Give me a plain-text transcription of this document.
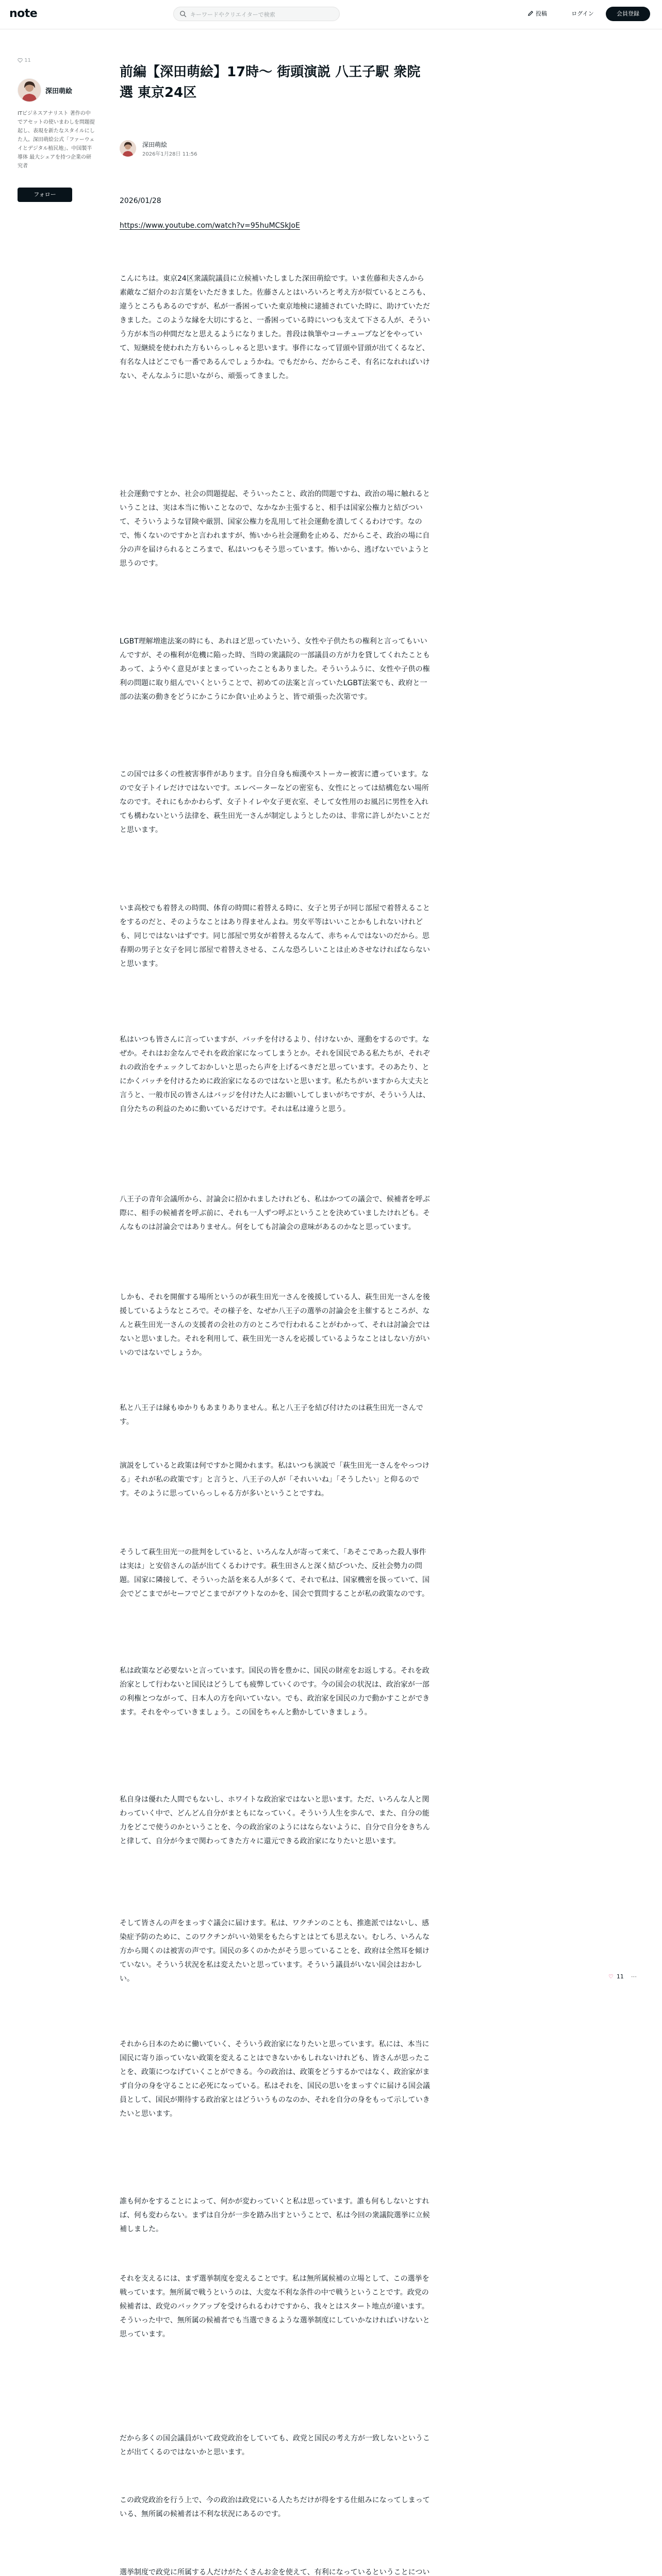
note
キーワードやクリエイターで検索	投稿	ログイン	会員登録
11
深田萌絵
ITビジネスアナリスト 著作の中でアセットの使いまわしを問題提起し、表現を新たなスタイルにした人。深田萌絵公式「ファーウェイとデジタル植民地」、中国製半導体 最大シェアを持つ企業の研究者
フォロー
前編【深田萌絵】17時～ 街頭演説 八王子駅 衆院選 東京24区
深田萌絵
2026年1月28日 11:56
2026/01/28
https://www.youtube.com/watch?v=95huMCSkJoE

こんにちは。東京24区衆議院議員に立候補いたしました深田萌絵です。いま佐藤和夫さんから素敵なご紹介のお言葉をいただきました。佐藤さんとはいろいろと考え方が似ているところも、違うところもあるのですが、私が一番困っていた東京地検に逮捕されていた時に、助けていただきました。このような縁を大切にすると、一番困っている時にいつも支えて下さる人が、そういう方が本当の仲間だなと思えるようになりました。普段は執筆やコーチュープなどをやっていて、短継続を使われた方もいらっしゃると思います。事件になって冒頭や冒頭が出てくるなど、有名な人はどこでも一番であるんでしょうかね。でもだから、だからこそ、有名になれればいけない、そんなふうに思いながら、頑張ってきました。

社会運動ですとか、社会の問題提起、そういったこと、政治的問題ですね、政治の場に触れるということは、実は本当に怖いことなので、なかなか主張すると、相手は国家公権力と結びついて、そういうような冒険や厳罰、国家公権力を乱用して社会運動を潰してくるわけです。なので、怖くないのですかと言われますが、怖いから社会運動を止める、だからこそ、政治の場に自分の声を届けられるところまで、私はいつもそう思っています。怖いから、逃げないでいようと思うのです。

LGBT理解増進法案の時にも、あれほど思っていたいう、女性や子供たちの権利と言ってもいいんですが、その権利が危機に陥った時、当時の衆議院の一部議員の方が力を貸してくれたこともあって、ようやく意見がまとまっていったこともありました。そういうふうに、女性や子供の権利の問題に取り組んでいくということで、初めての法案と言っていたLGBT法案でも、政府と一部の法案の動きをどうにかこうにか食い止めようと、皆で頑張った次第です。

この国では多くの性被害事件があります。自分自身も痴漢やストーカー被害に遭っています。なので女子トイレだけではないです。エレベーターなどの密室も、女性にとっては結構危ない場所なのです。それにもかかわらず、女子トイレや女子更衣室、そして女性用のお風呂に男性を入れても構わないという法律を、萩生田光一さんが制定しようとしたのは、非常に許しがたいことだと思います。

いま高校でも着替えの時間、体育の時間に着替える時に、女子と男子が同じ部屋で着替えることをするのだと、そのようなことはあり得ませんよね。男女平等はいいことかもしれないけれども、同じではないはずです。同じ部屋で男女が着替えるなんて、赤ちゃんではないのだから。思春期の男子と女子を同じ部屋で着替えさせる、こんな恐ろしいことは止めさせなければならないと思います。

私はいつも皆さんに言っていますが、バッチを付けるより、付けないか、運動をするのです。なぜか。それはお金なんでそれを政治家になってしまうとか。それを国民である私たちが、それぞれの政治をチェックしておかしいと思ったら声を上げるべきだと思っています。そのあたり、とにかくバッチを付けるために政治家になるのではないと思います。私たちがいますから大丈夫と言うと、一般市民の皆さんはバッジを付けた人にお願いしてしまいがちですが、そういう人は、自分たちの利益のために動いているだけです。それは私は違うと思う。

八王子の青年会議所から、討論会に招かれましたけれども、私はかつての議会で、候補者を呼ぶ際に、相手の候補者を呼ぶ前に、それも一人ずつ呼ぶということを決めていましたけれども。そんなものは討論会ではありません。何をしても討論会の意味があるのかなと思っています。

しかも、それを開催する場所というのが萩生田光一さんを後援している人、萩生田光一さんを後援しているようなところで。その様子を、なぜか八王子の選挙の討論会を主催するところが、なんと萩生田光一さんの支援者の会社の方のところで行われることがわかって、それは討論会ではないと思いました。それを利用して、萩生田光一さんを応援しているようなことはしない方がいいのではないでしょうか。

私と八王子は縁もゆかりもあまりありません。私と八王子を結び付けたのは萩生田光一さんです。

演説をしていると政策は何ですかと聞かれます。私はいつも演説で「萩生田光一さんをやっつける」それが私の政策です」と言うと、八王子の人が「それいいね」「そうしたい」と仰るのです。そのように思っていらっしゃる方が多いということですね。

そうして萩生田光一の批判をしていると、いろんな人が寄って来て、「あそこであった殺人事件は実は」と安倍さんの話が出てくるわけです。萩生田さんと深く結びついた、反社会勢力の問題。国家に隣接して、そういった話を来る人が多くて、それで私は、国家機密を扱っていて、国会でどこまでがセーフでどこまでがアウトなのかを、国会で質問することが私の政策なのです。

私は政策など必要ないと言っています。国民の皆を豊かに、国民の財産をお返しする。それを政治家として行わないと国民はどうしても疲弊していくのです。今の国会の状況は、政治家が一部の利権とつながって、日本人の方を向いていない。でも、政治家を国民の力で動かすことができます。それをやっていきましょう。この国をちゃんと動かしていきましょう。

私自身は優れた人間でもないし、ホワイトな政治家ではないと思います。ただ、いろんな人と関わっていく中で、どんどん自分がまともになっていく。そういう人生を歩んで、また、自分の能力をどこで使うのかということを、今の政治家のようにはならないように、自分で自分をきちんと律して、自分が今まで関わってきた方々に還元できる政治家になりたいと思います。

そして皆さんの声をまっすぐ議会に届けます。私は、ワクチンのことも、推進派ではないし、感染症予防のために、このワクチンがいい効果をもたらすとはとても思えない。むしろ、いろんな方から聞くのは被害の声です。国民の多くのかたがそう思っていることを、政府は全然耳を傾けていない。そういう状況を私は変えたいと思っています。そういう議員がいない国会はおかしい。

それから日本のために働いていく、そういう政治家になりたいと思っています。私には、本当に国民に寄り添っていない政策を変えることはできないかもしれないけれども、皆さんが思ったことを、政策につなげていくことができる。今の政治は、政策をどうするかではなく、政治家がまず自分の身を守ることに必死になっている。私はそれを、国民の思いをまっすぐに届ける国会議員として、国民が期待する政治家とはどういうものなのか、それを自分の身をもって示していきたいと思います。

誰も何かをすることによって、何かが変わっていくと私は思っています。誰も何もしないとすれば、何も変わらない。まずは自分が一歩を踏み出すということで、私は今回の衆議院選挙に立候補しました。

それを支えるには、まず選挙制度を変えることです。私は無所属候補の立場として、この選挙を戦っています。無所属で戦うというのは、大変な不利な条件の中で戦うということです。政党の候補者は、政党のバックアップを受けられるわけですから、我々とはスタート地点が違います。そういった中で、無所属の候補者でも当選できるような選挙制度にしていかなければいけないと思っています。

だから多くの国会議員がいて政党政治をしていても、政党と国民の考え方が一致しないということが出てくるのではないかと思います。

この政党政治を行う上で、今の政治は政党にいる人たちだけが得をする仕組みになってしまっている、無所属の候補者は不利な状況にあるのです。

選挙制度で政党に所属する人だけがたくさんお金を使えて、有利になっているということについ

♡ 11 ⋯
